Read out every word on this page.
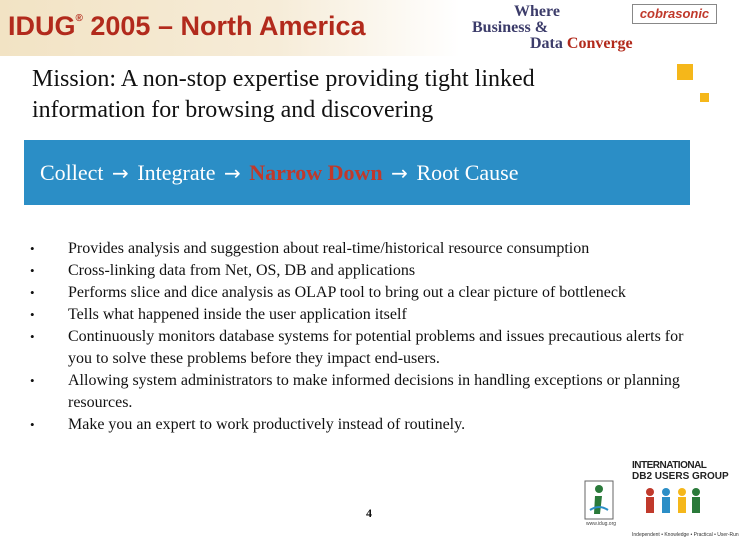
IDUG® 2005 – North America	Where
Business &
Data Converge
cobrasonic
Mission: A non-stop expertise providing tight linked information for browsing and discovering
Collect → Integrate → Narrow Down → Root Cause
• Provides analysis and suggestion about real-time/historical resource consumption
• Cross-linking data from Net, OS, DB and applications
• Performs slice and dice analysis as OLAP tool to bring out a clear picture of bottleneck
• Tells what happened inside the user application itself
• Continuously monitors database systems for potential problems and issues precautious alerts for you to solve these problems before they impact end-users.
• Allowing system administrators to make informed decisions in handling exceptions or planning resources.
• Make you an expert to work productively instead of routinely.
4
www.idug.org
INTERNATIONAL
DB2 USERS GROUP
Independent • Knowledge • Practical • User-Run
